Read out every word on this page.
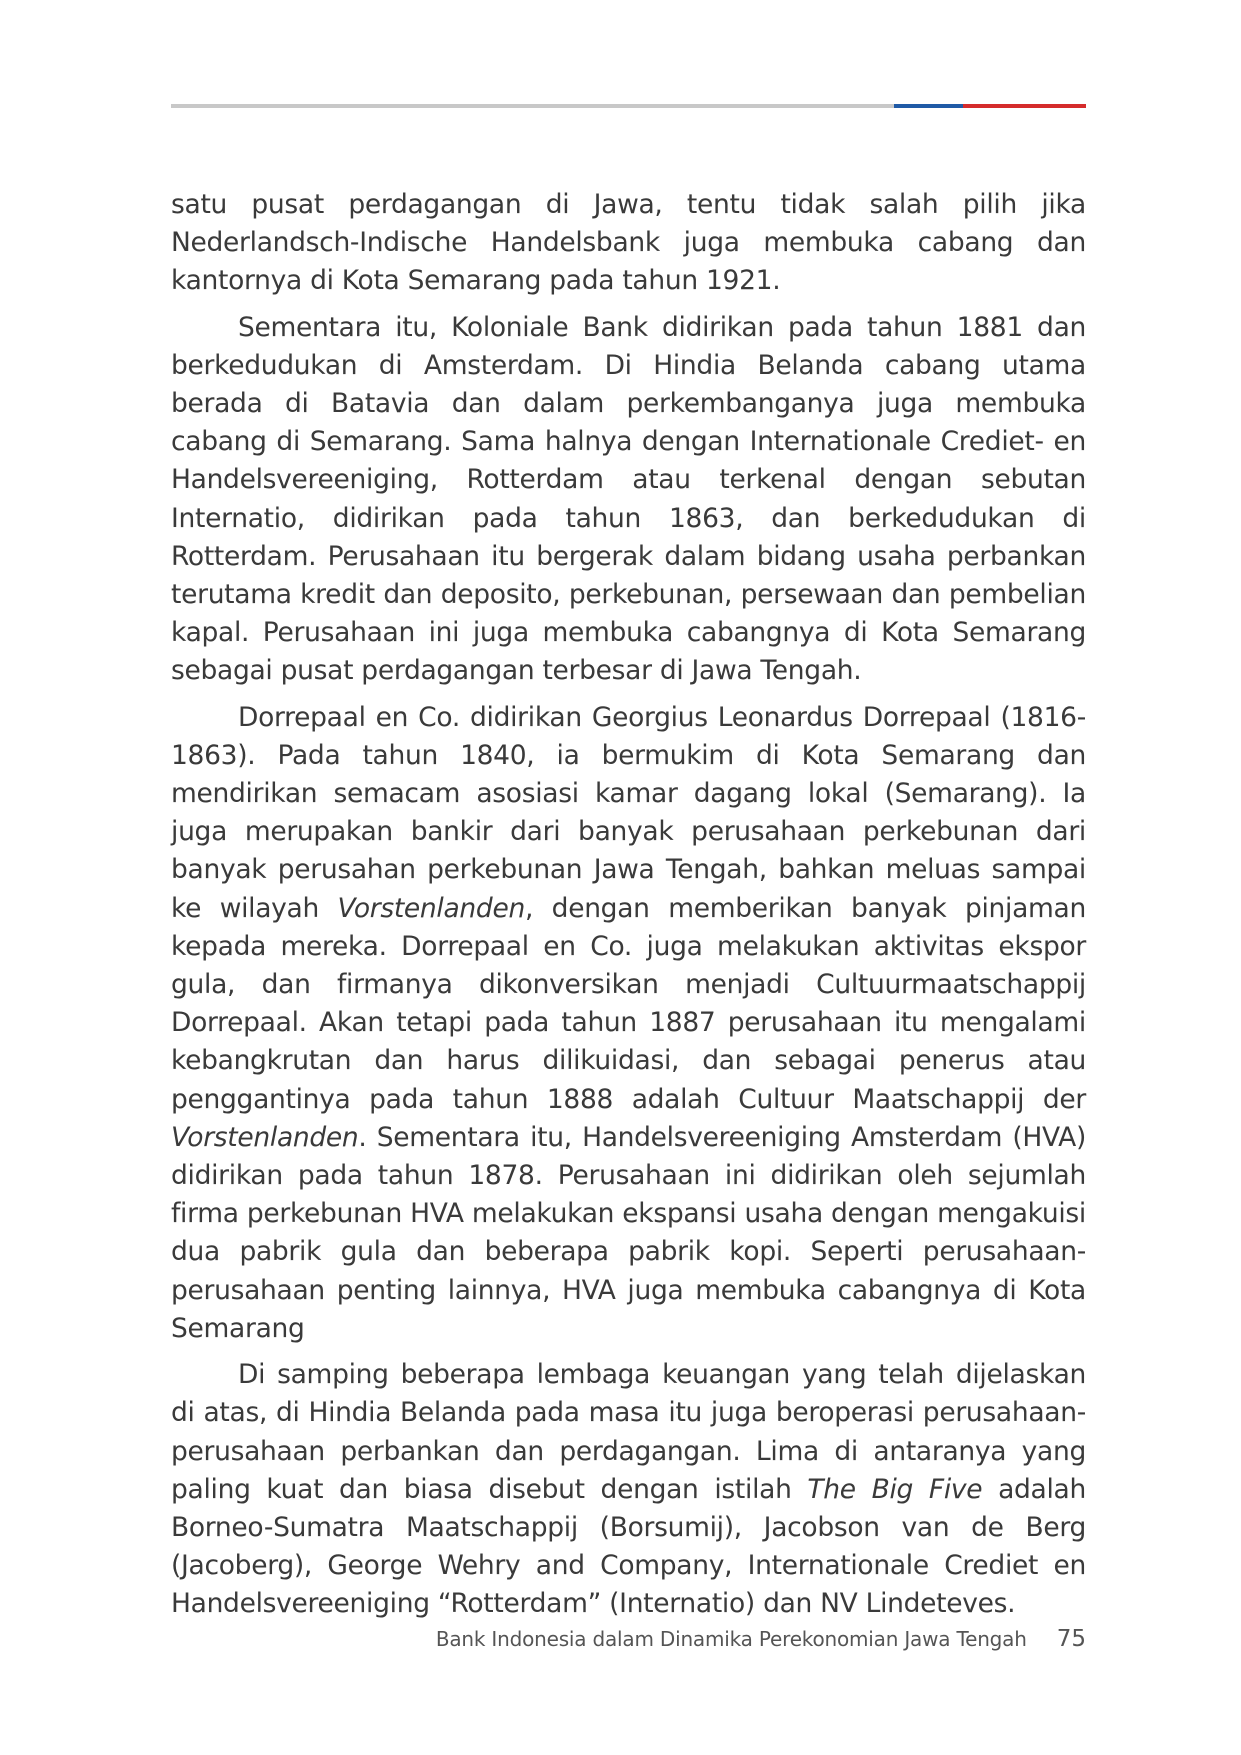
satu pusat perdagangan di Jawa, tentu tidak salah pilih jika Nederlandsch-Indische Handelsbank juga membuka cabang dan kantornya di Kota Semarang pada tahun 1921.

Sementara itu, Koloniale Bank didirikan pada tahun 1881 dan berkedudukan di Amsterdam. Di Hindia Belanda cabang utama berada di Batavia dan dalam perkembanganya juga membuka cabang di Semarang. Sama halnya dengan Internationale Crediet- en Handelsvereeniging, Rotterdam atau terkenal dengan sebutan Internatio, didirikan pada tahun 1863, dan berkedudukan di Rotterdam. Perusahaan itu bergerak dalam bidang usaha perbankan terutama kredit dan deposito, perkebunan, persewaan dan pembelian kapal. Perusahaan ini juga membuka cabangnya di Kota Semarang sebagai pusat perdagangan terbesar di Jawa Tengah.

Dorrepaal en Co. didirikan Georgius Leonardus Dorrepaal (1816-1863). Pada tahun 1840, ia bermukim di Kota Semarang dan mendirikan semacam asosiasi kamar dagang lokal (Semarang). Ia juga merupakan bankir dari banyak perusahaan perkebunan dari banyak perusahan perkebunan Jawa Tengah, bahkan meluas sampai ke wilayah Vorstenlanden, dengan memberikan banyak pinjaman kepada mereka. Dorrepaal en Co. juga melakukan aktivitas ekspor gula, dan firmanya dikonversikan menjadi Cultuurmaatschappij Dorrepaal. Akan tetapi pada tahun 1887 perusahaan itu mengalami kebangkrutan dan harus dilikuidasi, dan sebagai penerus atau penggantinya pada tahun 1888 adalah Cultuur Maatschappij der Vorstenlanden. Sementara itu, Handelsvereeniging Amsterdam (HVA) didirikan pada tahun 1878. Perusahaan ini didirikan oleh sejumlah firma perkebunan HVA melakukan ekspansi usaha dengan mengakuisi dua pabrik gula dan beberapa pabrik kopi. Seperti perusahaan-perusahaan penting lainnya, HVA juga membuka cabangnya di Kota Semarang

Di samping beberapa lembaga keuangan yang telah dijelaskan di atas, di Hindia Belanda pada masa itu juga beroperasi perusahaan-perusahaan perbankan dan perdagangan. Lima di antaranya yang paling kuat dan biasa disebut dengan istilah The Big Five adalah Borneo-Sumatra Maatschappij (Borsumij), Jacobson van de Berg (Jacoberg), George Wehry and Company, Internationale Crediet en Handelsvereeniging “Rotterdam” (Internatio) dan NV Lindeteves.

Bank Indonesia dalam Dinamika Perekonomian Jawa Tengah 75
